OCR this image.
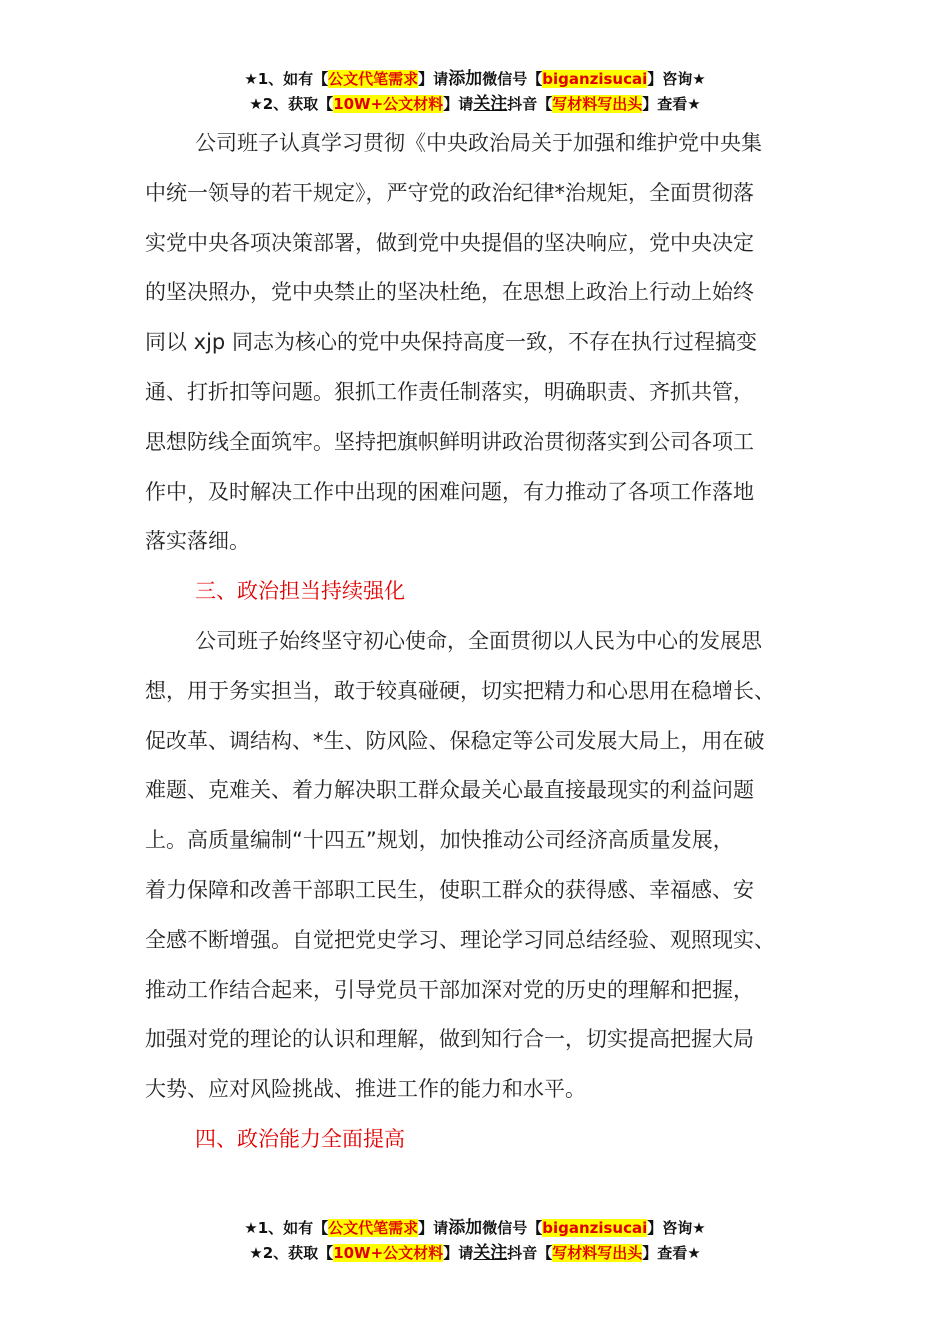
★1、如有【公文代笔需求】请添加微信号【biganzisucai】咨询★
★2、获取【10W+公文材料】请关注抖音【写材料写出头】查看★
公司班子认真学习贯彻《中央政治局关于加强和维护党中央集
中统一领导的若干规定》，严守党的政治纪律*治规矩，全面贯彻落
实党中央各项决策部署，做到党中央提倡的坚决响应，党中央决定
的坚决照办，党中央禁止的坚决杜绝，在思想上政治上行动上始终
同以 xjp 同志为核心的党中央保持高度一致，不存在执行过程搞变
通、打折扣等问题。狠抓工作责任制落实，明确职责、齐抓共管，
思想防线全面筑牢。坚持把旗帜鲜明讲政治贯彻落实到公司各项工
作中，及时解决工作中出现的困难问题，有力推动了各项工作落地
落实落细。
三、政治担当持续强化
公司班子始终坚守初心使命，全面贯彻以人民为中心的发展思
想，用于务实担当，敢于较真碰硬，切实把精力和心思用在稳增长、
促改革、调结构、*生、防风险、保稳定等公司发展大局上，用在破
难题、克难关、着力解决职工群众最关心最直接最现实的利益问题
上。高质量编制“十四五”规划，加快推动公司经济高质量发展，
着力保障和改善干部职工民生，使职工群众的获得感、幸福感、安
全感不断增强。自觉把党史学习、理论学习同总结经验、观照现实、
推动工作结合起来，引导党员干部加深对党的历史的理解和把握，
加强对党的理论的认识和理解，做到知行合一，切实提高把握大局
大势、应对风险挑战、推进工作的能力和水平。
四、政治能力全面提高
★1、如有【公文代笔需求】请添加微信号【biganzisucai】咨询★
★2、获取【10W+公文材料】请关注抖音【写材料写出头】查看★
